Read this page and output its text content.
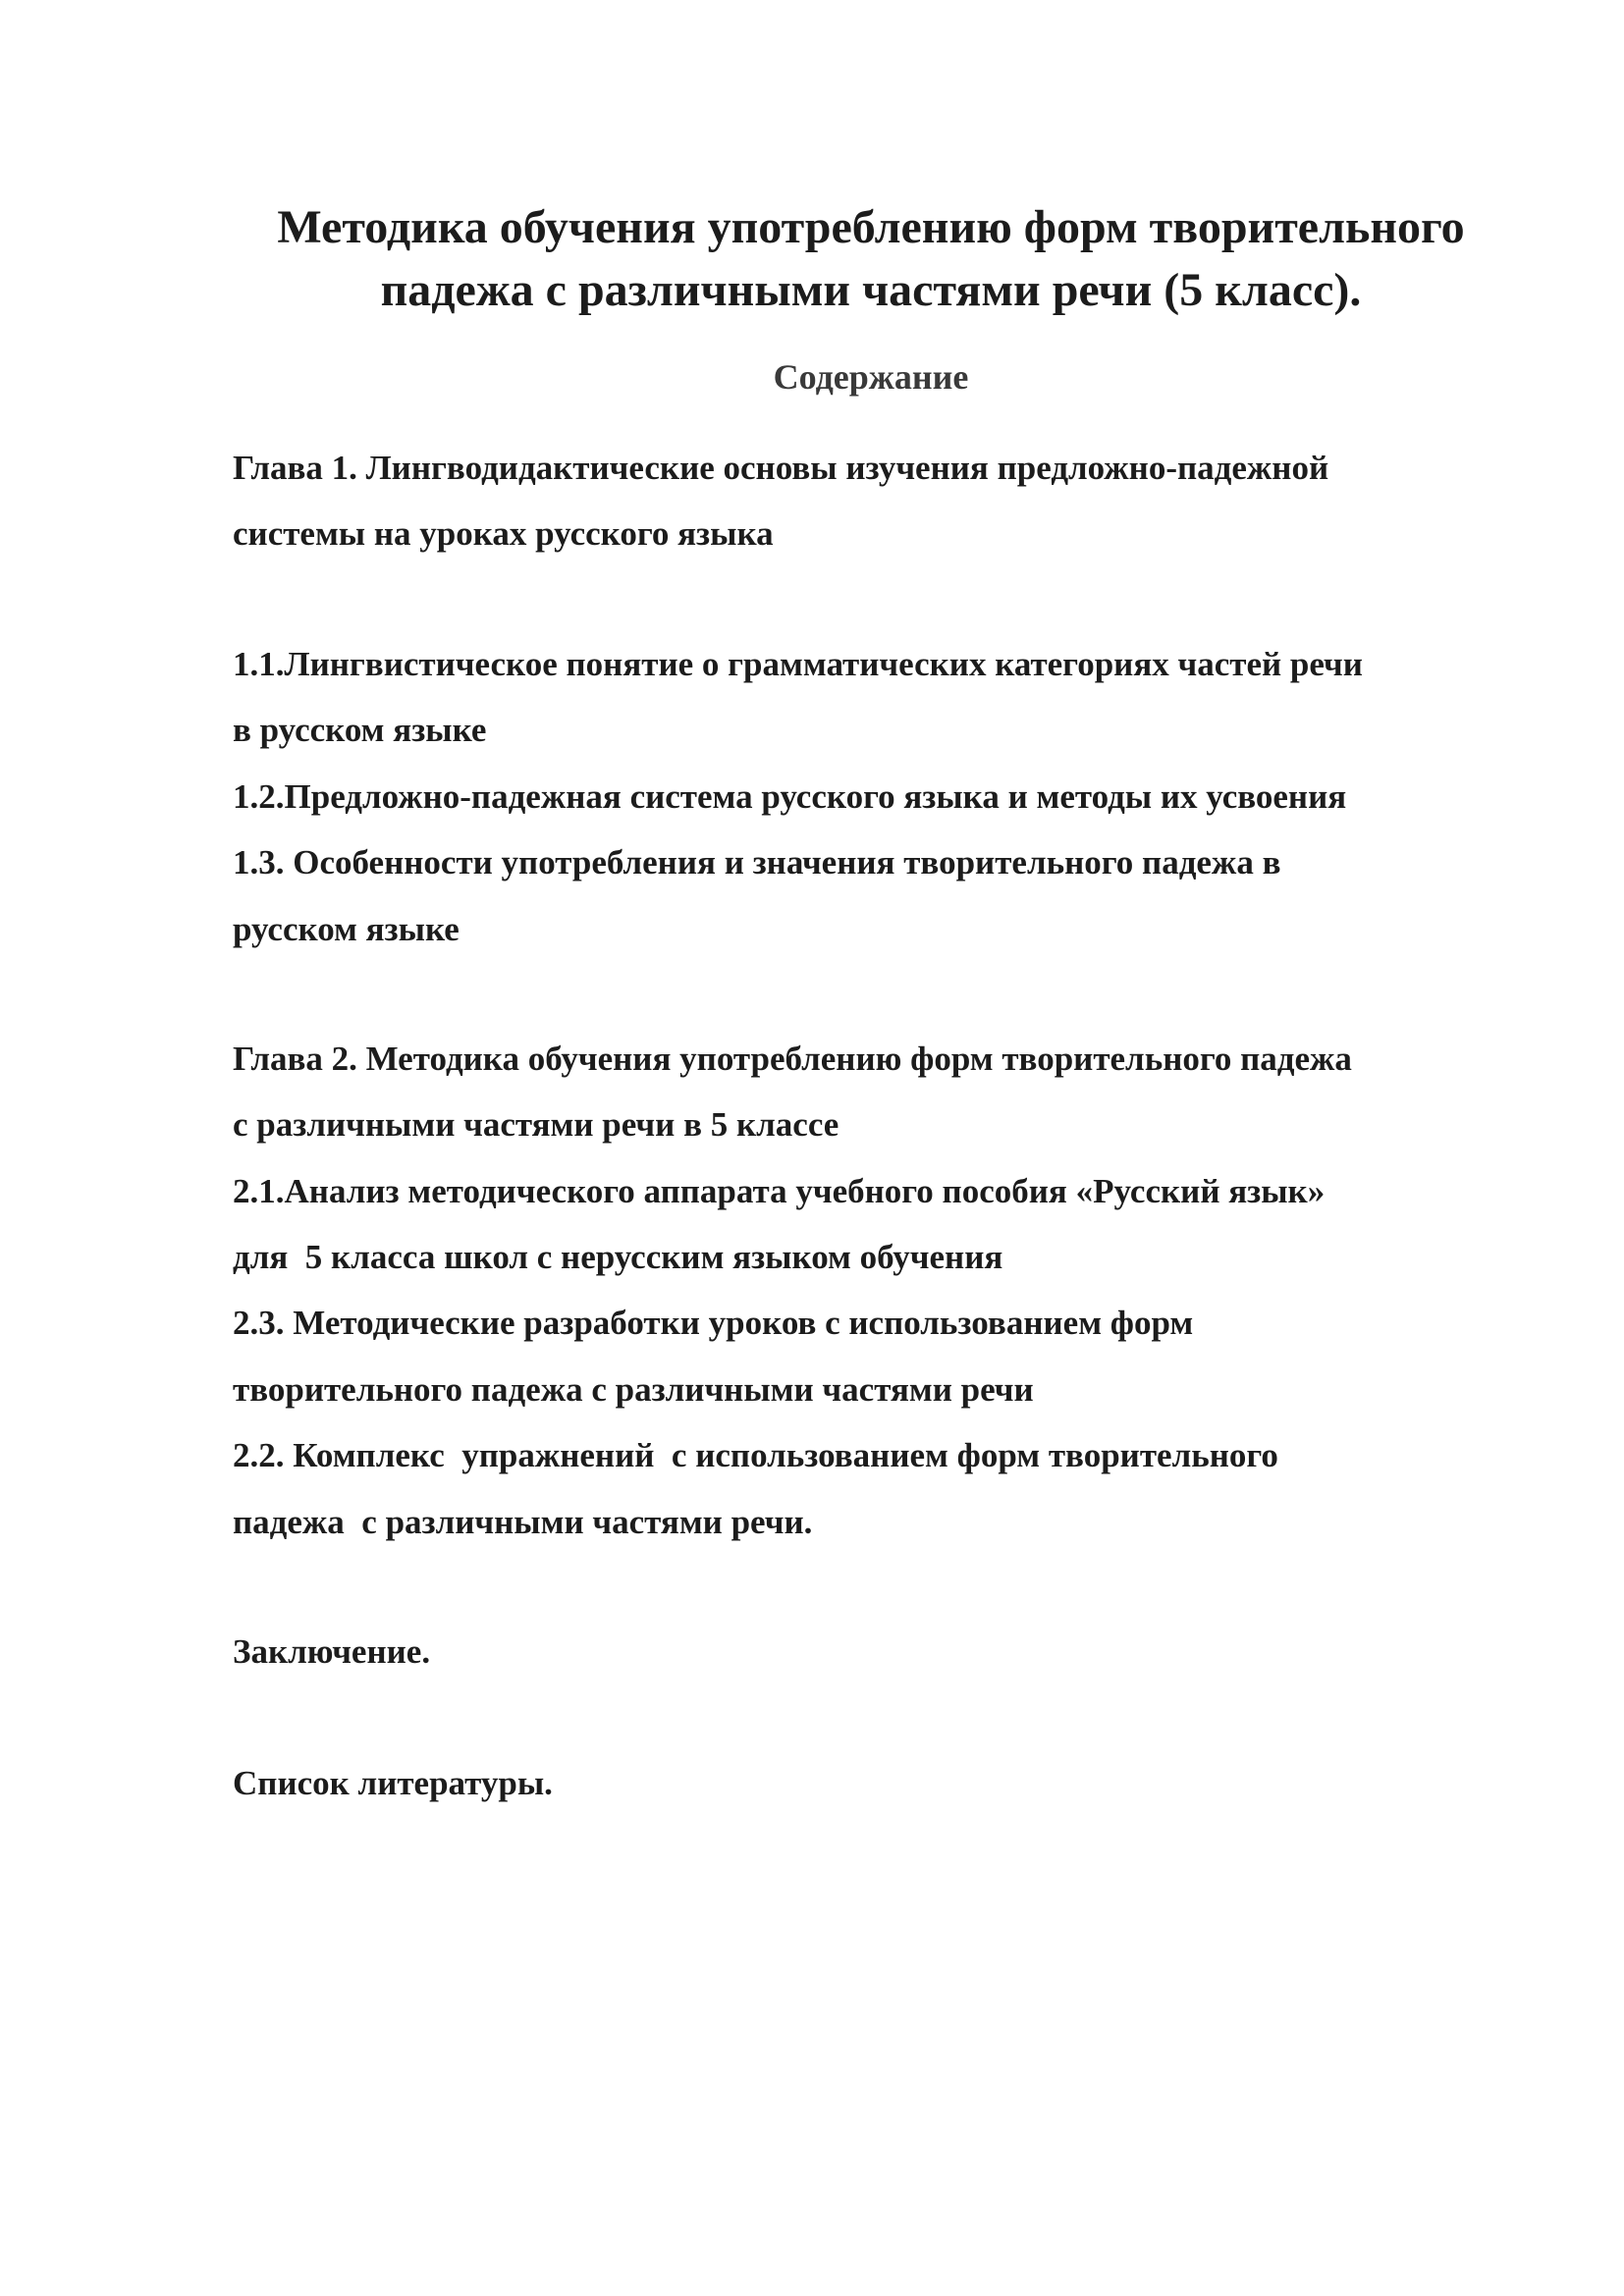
Методика обучения употреблению форм творительного
падежа с различными частями речи (5 класс).
Содержание
Глава 1. Лингводидактические основы изучения предложно-падежной
системы на уроках русского языка
1.1.Лингвистическое понятие о грамматических категориях частей речи
в русском языке
1.2.Предложно-падежная система русского языка и методы их усвоения
1.3. Особенности употребления и значения творительного падежа в
русском языке
Глава 2. Методика обучения употреблению форм творительного падежа
с различными частями речи в 5 классе
2.1.Анализ методического аппарата учебного пособия «Русский язык»
для  5 класса школ с нерусским языком обучения
2.3. Методические разработки уроков с использованием форм
творительного падежа с различными частями речи
2.2. Комплекс  упражнений  с использованием форм творительного
падежа  с различными частями речи.
Заключение.
Список литературы.
